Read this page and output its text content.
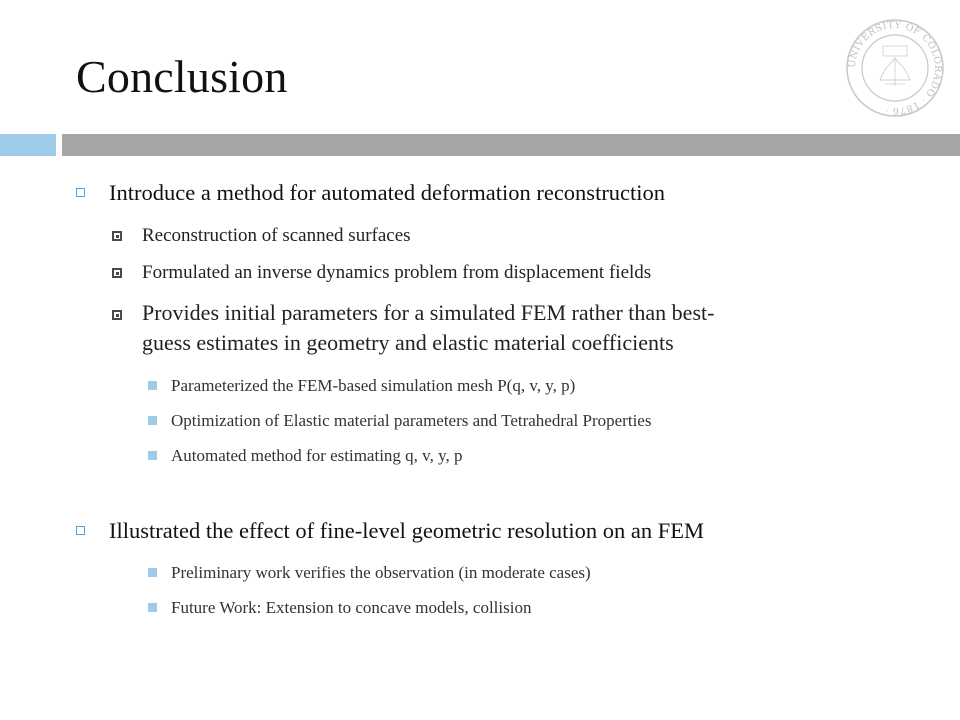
Conclusion	UNIVERSITY OF COLORADO · 1876 ·
Introduce a method for automated deformation reconstruction
Reconstruction of scanned surfaces
Formulated an inverse dynamics problem from displacement fields
Provides initial parameters for a simulated FEM rather than best-
guess estimates in geometry and elastic material coefficients
Parameterized the FEM-based simulation mesh P(q, v, y, p)
Optimization of Elastic material parameters and Tetrahedral Properties
Automated method for estimating q, v, y, p
Illustrated the effect of fine-level geometric resolution on an FEM
Preliminary work verifies the observation (in moderate cases)
Future Work: Extension to concave models, collision
